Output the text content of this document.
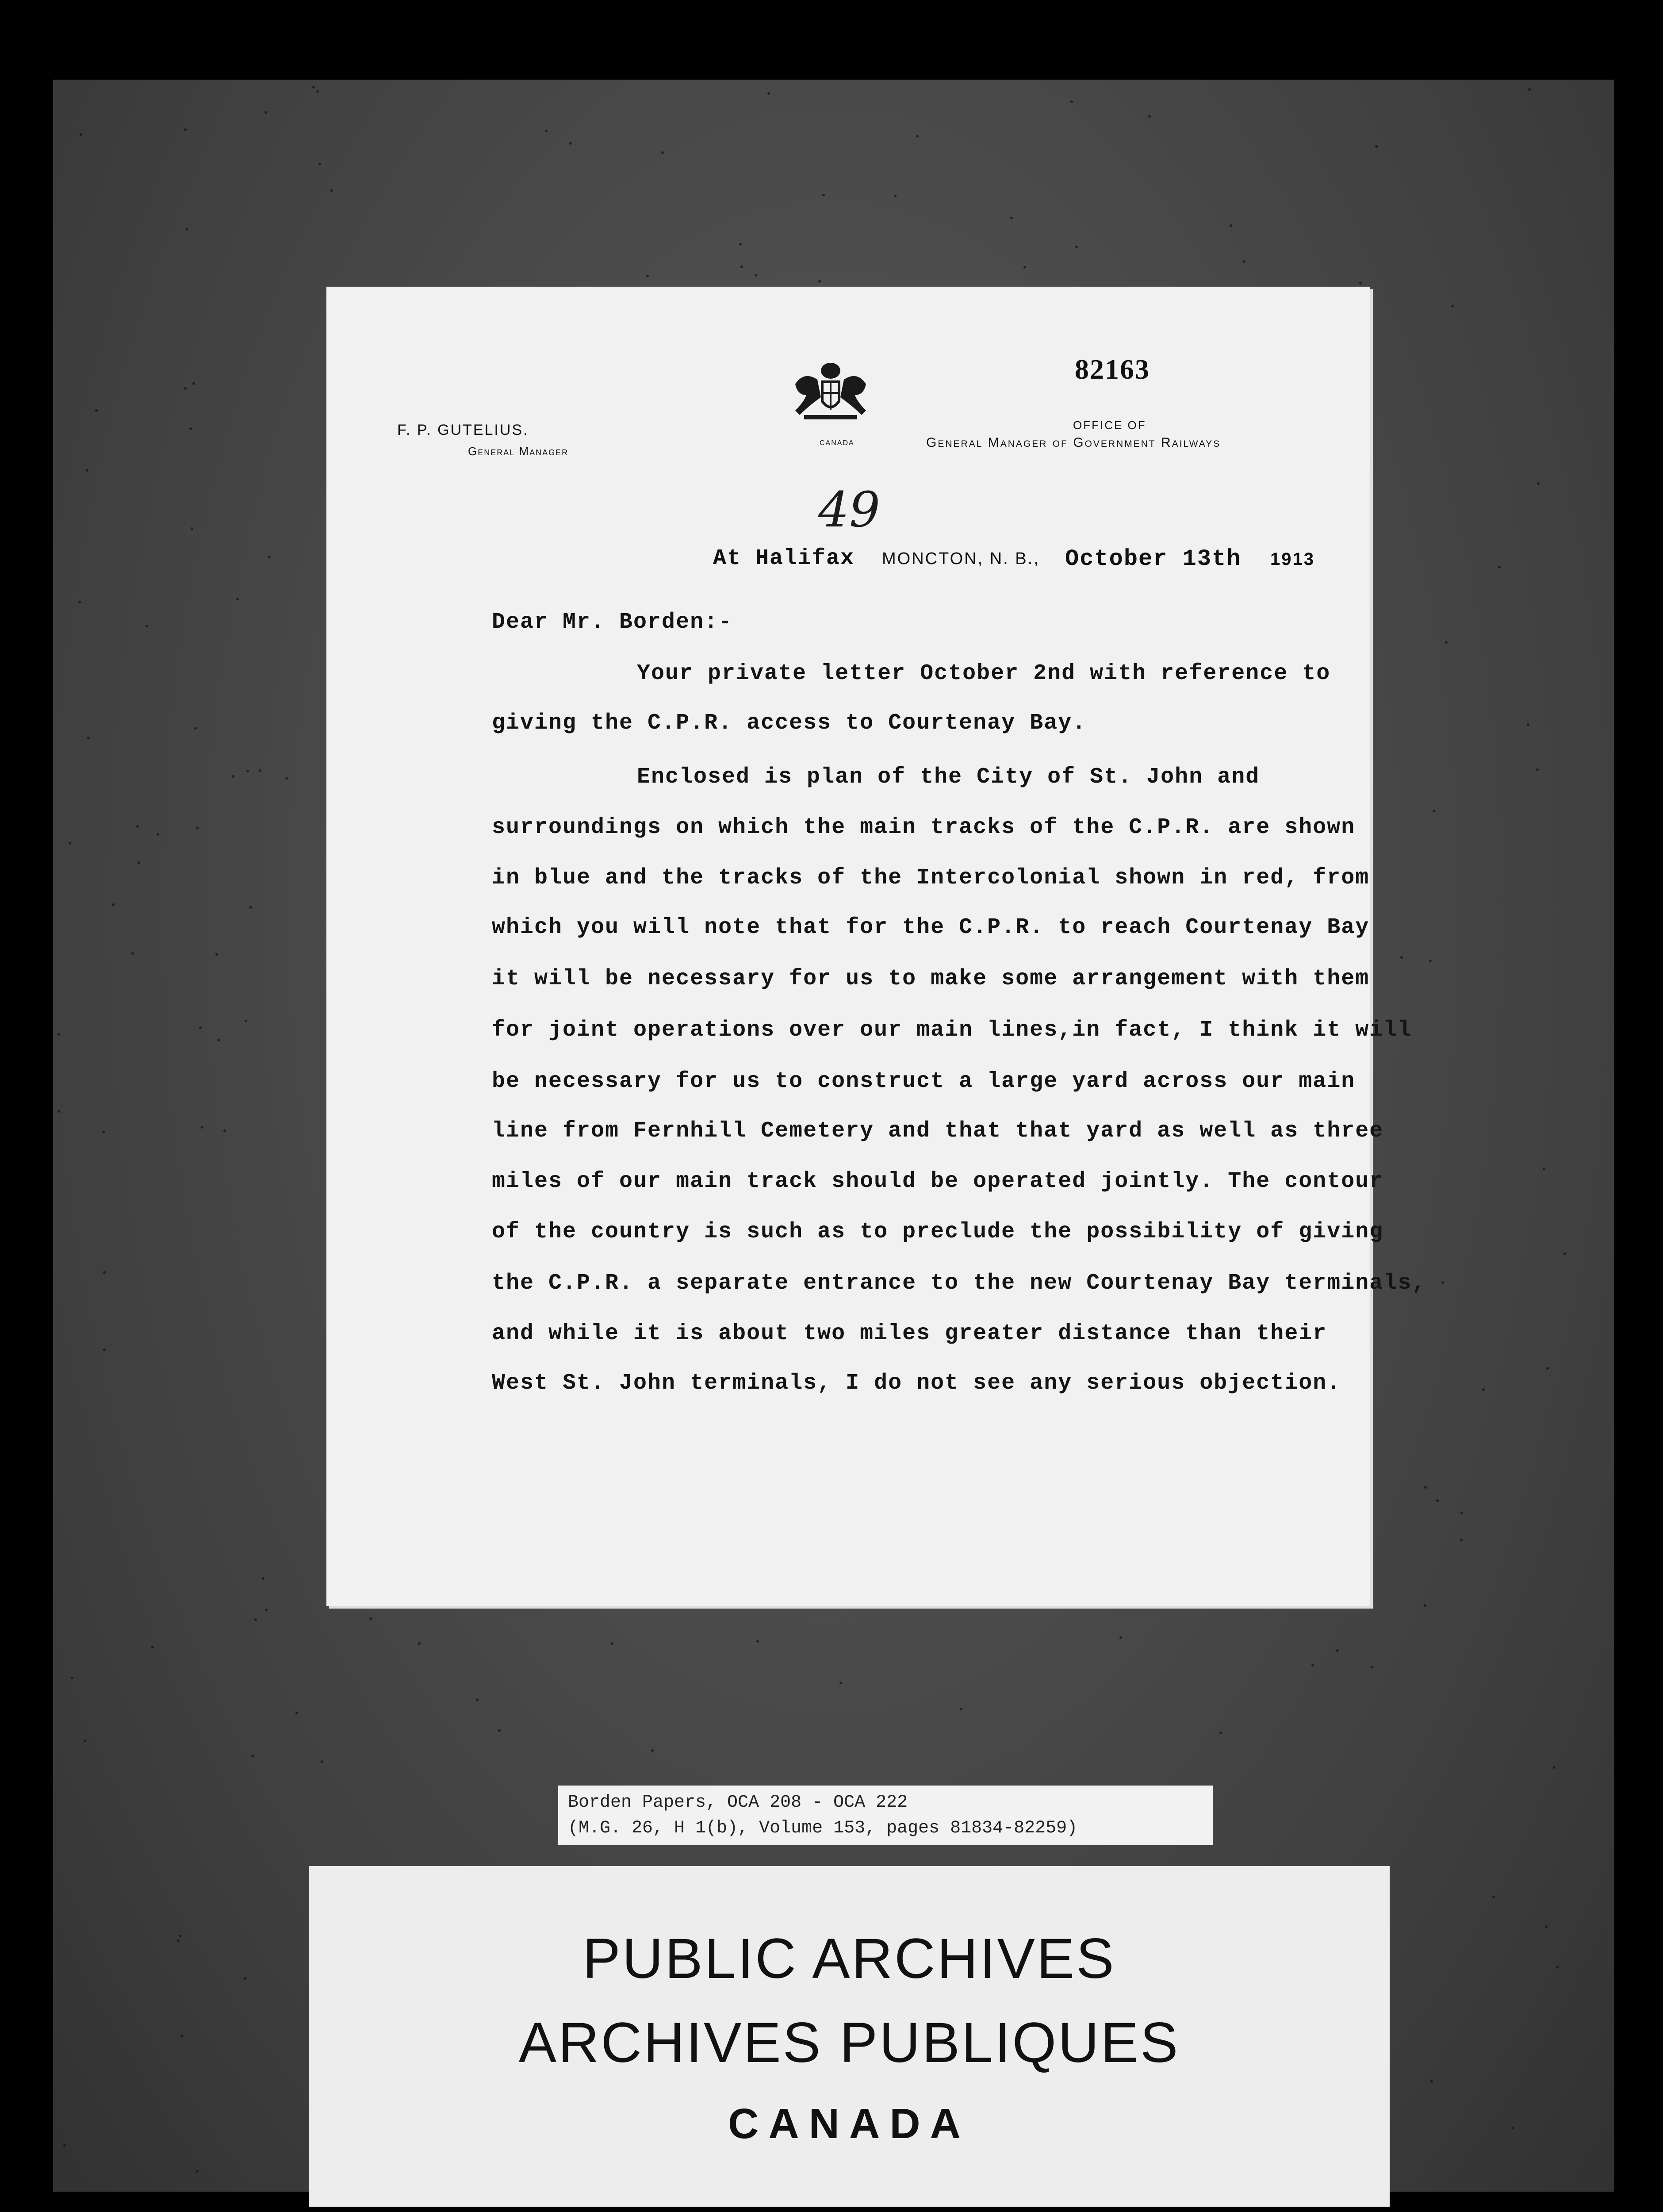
F. P. GUTELIUS.
General Manager
CANADA
82163
OFFICE OF
General Manager of Government Railways
49
At Halifax MONCTON, N. B., October 13th 1913
Dear Mr. Borden:-
Your private letter October 2nd with reference to
giving the C.P.R. access to Courtenay Bay.
Enclosed is plan of the City of St. John and
surroundings on which the main tracks of the C.P.R. are shown
in blue and the tracks of the Intercolonial shown in red, from
which you will note that for the C.P.R. to reach Courtenay Bay
it will be necessary for us to make some arrangement with them
for joint operations over our main lines,in fact, I think it will
be necessary for us to construct a large yard across our main
line from Fernhill Cemetery and that that yard as well as three
miles of our main track should be operated jointly. The contour
of the country is such as to preclude the possibility of giving
the C.P.R. a separate entrance to the new Courtenay Bay terminals,
and while it is about two miles greater distance than their
West St. John terminals, I do not see any serious objection.
Borden Papers, OCA 208 - OCA 222
(M.G. 26, H 1(b), Volume 153, pages 81834-82259)
PUBLIC ARCHIVES
ARCHIVES PUBLIQUES
CANADA
